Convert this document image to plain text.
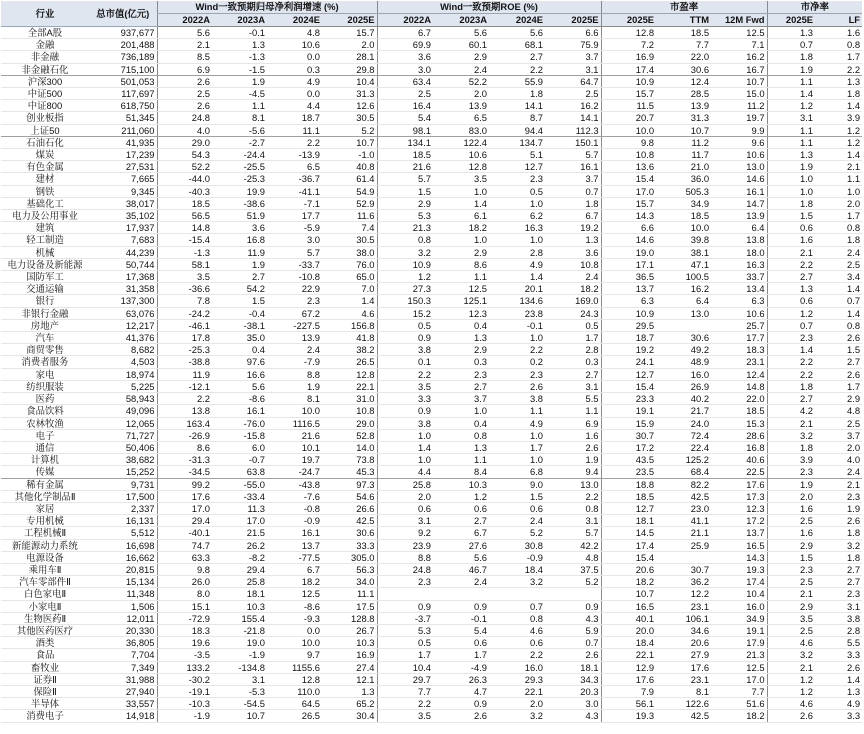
行业	总市值(亿元)	Wind一致预期归母净利润增速 (%)				Wind一致预期ROE (%)				市盈率			市净率	
		2022A	2023A	2024E	2025E	2022A	2023A	2024E	2025E	2025E	TTM	12M Fwd	2025E	LF
全部A股	937,677	5.6	-0.1	4.8	15.7	6.7	5.6	5.6	6.6	12.8	18.5	12.5	1.3	1.6
金融	201,488	2.1	1.3	10.6	2.0	69.9	60.1	68.1	75.9	7.2	7.7	7.1	0.7	0.8
非金融	736,189	8.5	-1.3	0.0	28.1	3.6	2.9	2.7	3.7	16.9	22.0	16.2	1.8	1.7
非金融石化	715,100	6.9	-1.5	0.3	29.8	3.0	2.4	2.2	3.1	17.4	30.6	16.7	1.9	2.2
沪深300	501,053	2.6	1.9	4.9	10.4	63.4	52.2	55.9	64.7	10.9	12.4	10.7	1.1	1.3
中证500	117,697	2.5	-4.5	0.0	31.3	2.5	2.0	1.8	2.5	15.7	28.5	15.0	1.4	1.8
中证800	618,750	2.6	1.1	4.4	12.6	16.4	13.9	14.1	16.2	11.5	13.9	11.2	1.2	1.4
创业板指	51,345	24.8	8.1	18.7	30.5	5.4	6.5	8.7	14.1	20.7	31.3	19.7	3.1	3.9
上证50	211,060	4.0	-5.6	11.1	5.2	98.1	83.0	94.4	112.3	10.0	10.7	9.9	1.1	1.2
石油石化	41,935	29.0	-2.7	2.2	10.7	134.1	122.4	134.7	150.1	9.8	11.2	9.6	1.1	1.2
煤炭	17,239	54.3	-24.4	-13.9	-1.0	18.5	10.6	5.1	5.7	10.8	11.7	10.6	1.3	1.4
有色金属	27,531	52.2	-25.5	6.5	40.8	21.6	12.8	12.7	16.1	13.6	21.0	13.0	1.9	2.1
建材	7,665	-44.0	-25.3	-36.7	61.4	5.7	3.5	2.3	3.7	15.4	36.0	14.6	1.0	1.1
钢铁	9,345	-40.3	19.9	-41.1	54.9	1.5	1.0	0.5	0.7	17.0	505.3	16.1	1.0	1.0
基础化工	38,017	18.5	-38.6	-7.1	52.9	2.9	1.4	1.0	1.8	15.7	34.9	14.7	1.8	2.0
电力及公用事业	35,102	56.5	51.9	17.7	11.6	5.3	6.1	6.2	6.7	14.3	18.5	13.9	1.5	1.7
建筑	17,937	14.8	3.6	-5.9	7.4	21.3	18.2	16.3	19.2	6.6	10.0	6.4	0.6	0.8
轻工制造	7,683	-15.4	16.8	3.0	30.5	0.8	1.0	1.0	1.3	14.6	39.8	13.8	1.6	1.8
机械	44,239	-1.3	11.9	5.7	38.0	3.2	2.9	2.8	3.6	19.0	38.1	18.0	2.1	2.4
电力设备及新能源	50,744	58.1	1.9	-33.7	76.0	10.9	8.6	4.9	10.8	17.1	47.1	16.3	2.2	2.5
国防军工	17,368	3.5	2.7	-10.8	65.0	1.2	1.1	1.4	2.4	36.5	100.5	33.7	2.7	3.4
交通运输	31,358	-36.6	54.2	22.9	7.0	27.3	12.5	20.1	18.2	13.7	16.2	13.4	1.3	1.4
银行	137,300	7.8	1.5	2.3	1.4	150.3	125.1	134.6	169.0	6.3	6.4	6.3	0.6	0.7
非银行金融	63,076	-24.2	-0.4	67.2	4.6	15.2	12.3	23.8	24.3	10.9	13.0	10.6	1.2	1.4
房地产	12,217	-46.1	-38.1	-227.5	156.8	0.5	0.4	-0.1	0.5	29.5		25.7	0.7	0.8
汽车	41,376	17.8	35.0	13.9	41.8	0.9	1.3	1.0	1.7	18.7	30.6	17.7	2.3	2.6
商贸零售	8,682	-25.3	0.4	2.4	38.2	3.8	2.9	2.2	2.8	19.2	49.2	18.3	1.4	1.5
消费者服务	4,503	-38.8	97.6	-7.9	26.5	0.1	0.3	0.2	0.3	24.1	48.9	23.1	2.2	2.7
家电	18,974	11.9	16.6	8.8	12.8	2.2	2.3	2.3	2.7	12.7	16.0	12.4	2.2	2.6
纺织服装	5,225	-12.1	5.6	1.9	22.1	3.5	2.7	2.6	3.1	15.4	26.9	14.8	1.8	1.7
医药	58,943	2.2	-8.6	8.1	31.0	3.3	3.7	3.8	5.5	23.3	40.2	22.0	2.7	2.9
食品饮料	49,096	13.8	16.1	10.0	10.8	0.9	1.0	1.1	1.1	19.1	21.7	18.5	4.2	4.8
农林牧渔	12,065	163.4	-76.0	1116.5	29.0	3.8	0.4	4.9	6.9	15.9	24.0	15.3	2.1	2.5
电子	71,727	-26.9	-15.8	21.6	52.8	1.0	0.8	1.0	1.6	30.7	72.4	28.6	3.2	3.7
通信	50,406	8.6	6.0	10.1	14.0	1.4	1.3	1.7	2.6	17.2	22.4	16.8	1.8	2.0
计算机	38,682	-31.3	-0.7	19.7	73.8	1.0	1.1	1.0	1.9	43.5	125.2	40.6	3.9	4.0
传媒	15,252	-34.5	63.8	-24.7	45.3	4.4	8.4	6.8	9.4	23.5	68.4	22.5	2.3	2.4
稀有金属	9,731	99.2	-55.0	-43.8	97.3	25.8	10.3	9.0	13.0	18.8	82.2	17.6	1.9	2.1
其他化学制品Ⅱ	17,500	17.6	-33.4	-7.6	54.6	2.0	1.2	1.5	2.2	18.5	42.5	17.3	2.0	2.3
家居	2,337	17.0	11.3	-0.8	26.6	0.6	0.6	0.6	0.8	12.7	23.0	12.3	1.6	1.9
专用机械	16,131	29.4	17.0	-0.9	42.5	3.1	2.7	2.4	3.1	18.1	41.1	17.2	2.5	2.6
工程机械Ⅱ	5,512	-40.1	21.5	16.1	30.6	9.2	6.7	5.2	5.7	14.5	21.1	13.7	1.6	1.8
新能源动力系统	16,698	74.7	26.2	13.7	33.3	23.9	27.6	30.8	42.2	17.4	25.9	16.5	2.9	3.2
电源设备	16,662	63.3	-8.2	-77.5	305.0	8.8	5.6	-0.9	4.8	15.4		14.3	1.5	1.8
乘用车Ⅱ	20,815	9.8	29.4	6.7	56.3	24.8	46.7	18.4	37.5	20.6	30.7	19.3	2.3	2.7
汽车零部件Ⅱ	15,134	26.0	25.8	18.2	34.0	2.3	2.4	3.2	5.2	18.2	36.2	17.4	2.5	2.7
白色家电Ⅱ	11,348	8.0	18.1	12.5	11.1					10.7	12.2	10.4	2.1	2.3
小家电Ⅱ	1,506	15.1	10.3	-8.6	17.5	0.9	0.9	0.7	0.9	16.5	23.1	16.0	2.9	3.1
生物医药Ⅱ	12,011	-72.9	155.4	-9.3	128.8	-3.7	-0.1	0.8	4.3	40.1	106.1	34.9	3.5	3.8
其他医药医疗	20,330	18.3	-21.8	0.0	26.7	5.3	5.4	4.6	5.9	20.0	34.6	19.1	2.5	2.8
酒类	36,805	19.6	19.0	10.0	10.3	0.5	0.6	0.6	0.7	18.4	20.6	17.9	4.6	5.5
食品	7,704	-3.5	-1.9	9.7	16.9	1.7	1.7	2.2	2.6	22.1	27.9	21.3	3.2	3.3
畜牧业	7,349	133.2	-134.8	1155.6	27.4	10.4	-4.9	16.0	18.1	12.9	17.6	12.5	2.1	2.6
证券Ⅱ	31,988	-30.2	3.1	12.8	12.1	29.7	26.3	29.3	34.3	17.6	23.1	17.0	1.2	1.4
保险Ⅱ	27,940	-19.1	-5.3	110.0	1.3	7.7	4.7	22.1	20.3	7.9	8.1	7.7	1.2	1.3
半导体	33,557	-10.3	-54.5	64.5	65.2	2.2	0.9	2.0	3.0	56.1	122.6	51.6	4.6	4.9
消费电子	14,918	-1.9	10.7	26.5	30.4	3.5	2.6	3.2	4.3	19.3	42.5	18.2	2.6	3.3
